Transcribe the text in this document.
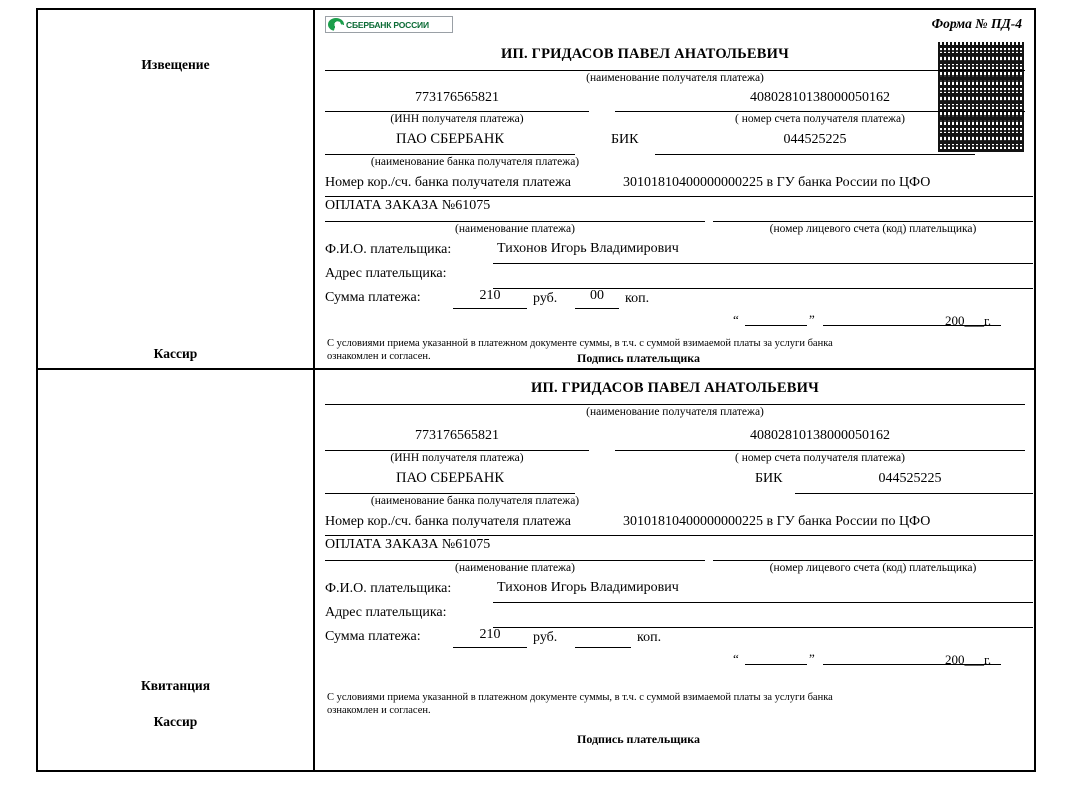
Извещение
Кассир
СБЕРБАНК РОССИИ	Форма № ПД-4
ИП. ГРИДАСОВ ПАВЕЛ АНАТОЛЬЕВИЧ
(наименование получателя платежа)
773176565821
(ИНН получателя платежа)
40802810138000050162
( номер счета получателя платежа)
ПАО СБЕРБАНК
(наименование банка получателя платежа)
БИК	044525225
Номер кор./сч. банка получателя платежа	30101810400000000225 в ГУ банка России по ЦФО
ОПЛАТА ЗАКАЗА №61075
(наименование платежа)	(номер лицевого счета (код) плательщика)
Ф.И.О. плательщика:	Тихонов Игорь Владимирович
Адрес плательщика:
Сумма платежа:	210	руб.	00	коп.
“	”	200___г.
С условиями приема указанной в платежном документе суммы, в т.ч. с суммой взимаемой платы за услуги банка
ознакомлен и согласен.	Подпись плательщика
Квитанция
Кассир
ИП. ГРИДАСОВ ПАВЕЛ АНАТОЛЬЕВИЧ
(наименование получателя платежа)
773176565821
(ИНН получателя платежа)
40802810138000050162
( номер счета получателя платежа)
ПАО СБЕРБАНК
(наименование банка получателя платежа)
БИК	044525225
Номер кор./сч. банка получателя платежа	30101810400000000225 в ГУ банка России по ЦФО
ОПЛАТА ЗАКАЗА №61075
(наименование платежа)	(номер лицевого счета (код) плательщика)
Ф.И.О. плательщика:	Тихонов Игорь Владимирович
Адрес плательщика:
Сумма платежа:	210	руб.	коп.
“	”	200___г.
С условиями приема указанной в платежном документе суммы, в т.ч. с суммой взимаемой платы за услуги банка
ознакомлен и согласен.
Подпись плательщика
